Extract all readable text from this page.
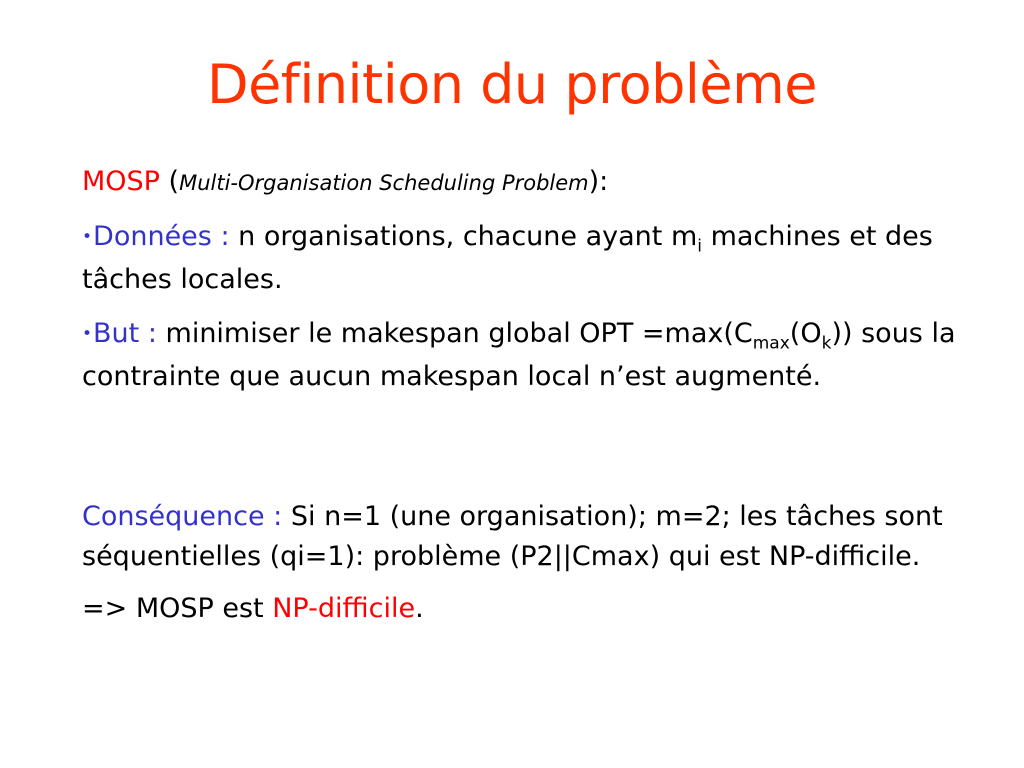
Définition du problème

MOSP (Multi-Organisation Scheduling Problem):

•Données : n organisations, chacune ayant $m_i$ machines et des tâches locales.

•But : minimiser le makespan global OPT $=\max(C_{max}(O_k))$ sous la contrainte que aucun makespan local n’est augmenté.

Conséquence : Si n=1 (une organisation); m=2; les tâches sont séquentielles (qi=1): problème (P2||Cmax) qui est NP-difficile.

=> MOSP est NP-difficile.
